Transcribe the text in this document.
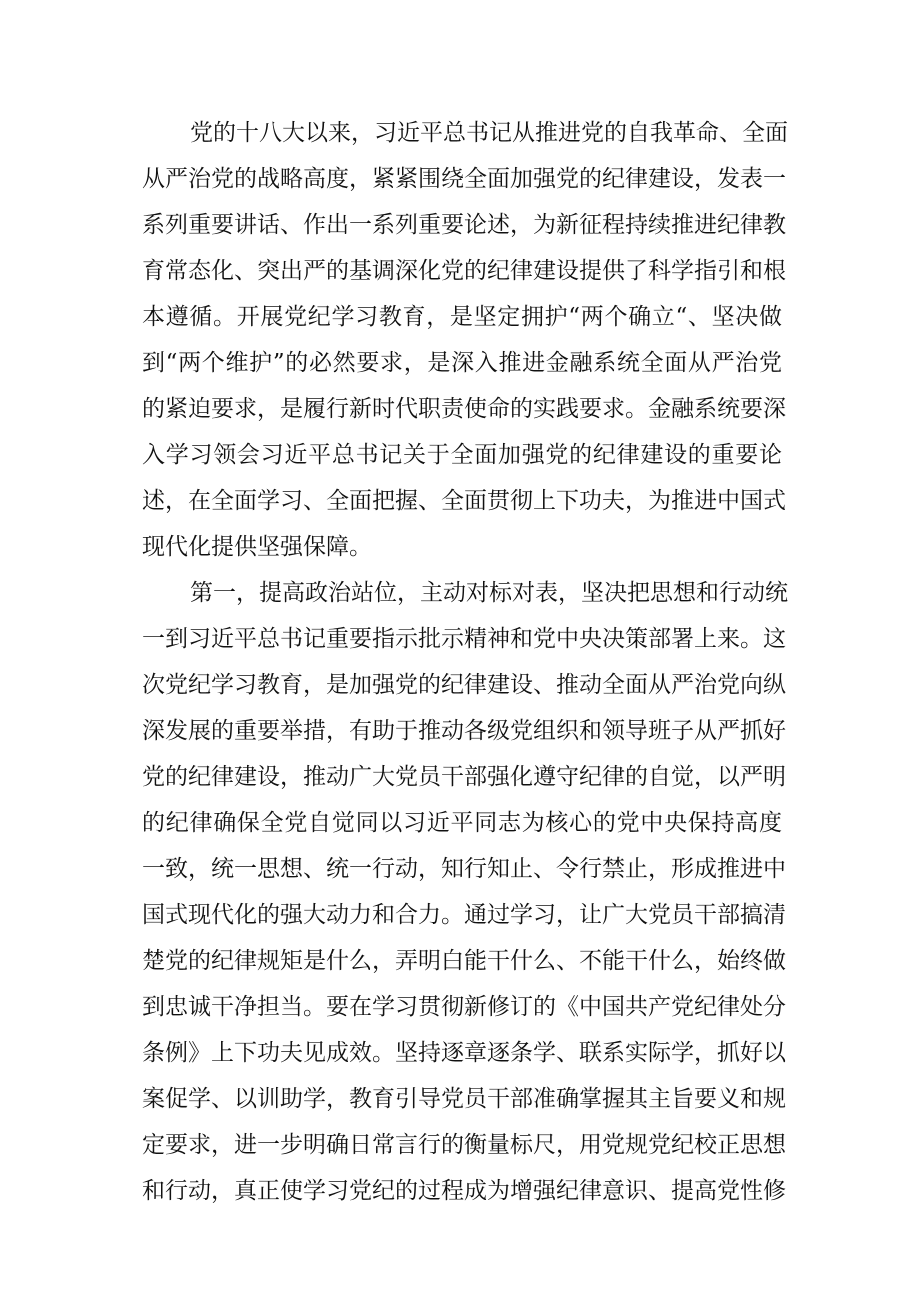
党的十八大以来，习近平总书记从推进党的自我革命、全面
从严治党的战略高度，紧紧围绕全面加强党的纪律建设，发表一
系列重要讲话、作出一系列重要论述，为新征程持续推进纪律教
育常态化、突出严的基调深化党的纪律建设提供了科学指引和根
本遵循。开展党纪学习教育，是坚定拥护“两个确立“、坚决做
到“两个维护”的必然要求，是深入推进金融系统全面从严治党
的紧迫要求，是履行新时代职责使命的实践要求。金融系统要深
入学习领会习近平总书记关于全面加强党的纪律建设的重要论
述，在全面学习、全面把握、全面贯彻上下功夫，为推进中国式
现代化提供坚强保障。
第一，提高政治站位，主动对标对表，坚决把思想和行动统
一到习近平总书记重要指示批示精神和党中央决策部署上来。这
次党纪学习教育，是加强党的纪律建设、推动全面从严治党向纵
深发展的重要举措，有助于推动各级党组织和领导班子从严抓好
党的纪律建设，推动广大党员干部强化遵守纪律的自觉，以严明
的纪律确保全党自觉同以习近平同志为核心的党中央保持高度
一致，统一思想、统一行动，知行知止、令行禁止，形成推进中
国式现代化的强大动力和合力。通过学习，让广大党员干部搞清
楚党的纪律规矩是什么，弄明白能干什么、不能干什么，始终做
到忠诚干净担当。要在学习贯彻新修订的《中国共产党纪律处分
条例》上下功夫见成效。坚持逐章逐条学、联系实际学，抓好以
案促学、以训助学，教育引导党员干部准确掌握其主旨要义和规
定要求，进一步明确日常言行的衡量标尺，用党规党纪校正思想
和行动，真正使学习党纪的过程成为增强纪律意识、提高党性修
